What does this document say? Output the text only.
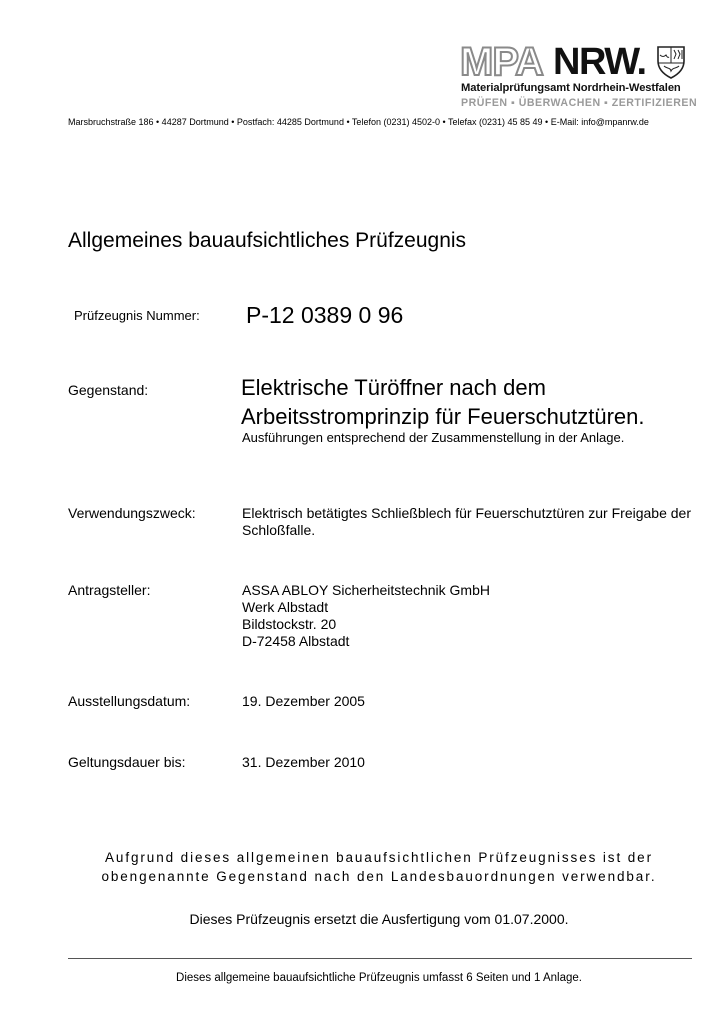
MPA NRW.
Materialprüfungsamt Nordrhein-Westfalen
PRÜFEN ▪ ÜBERWACHEN ▪ ZERTIFIZIEREN
Marsbruchstraße 186 • 44287 Dortmund • Postfach: 44285 Dortmund • Telefon (0231) 4502-0 • Telefax (0231) 45 85 49 • E-Mail: info@mpanrw.de
Allgemeines bauaufsichtliches Prüfzeugnis
Prüfzeugnis Nummer: P-12 0389 0 96
Gegenstand:	Elektrische Türöffner nach dem
Arbeitsstromprinzip für Feuerschutztüren.
Ausführungen entsprechend der Zusammenstellung in der Anlage.
Verwendungszweck:	Elektrisch betätigtes Schließblech für Feuerschutztüren zur Freigabe der Schloßfalle.
Antragsteller:	ASSA ABLOY Sicherheitstechnik GmbH
Werk Albstadt
Bildstockstr. 20
D-72458 Albstadt
Ausstellungsdatum:	19. Dezember 2005
Geltungsdauer bis:	31. Dezember 2010
Aufgrund dieses allgemeinen bauaufsichtlichen Prüfzeugnisses ist der
obengenannte Gegenstand nach den Landesbauordnungen verwendbar.
Dieses Prüfzeugnis ersetzt die Ausfertigung vom 01.07.2000.
Dieses allgemeine bauaufsichtliche Prüfzeugnis umfasst 6 Seiten und 1 Anlage.
